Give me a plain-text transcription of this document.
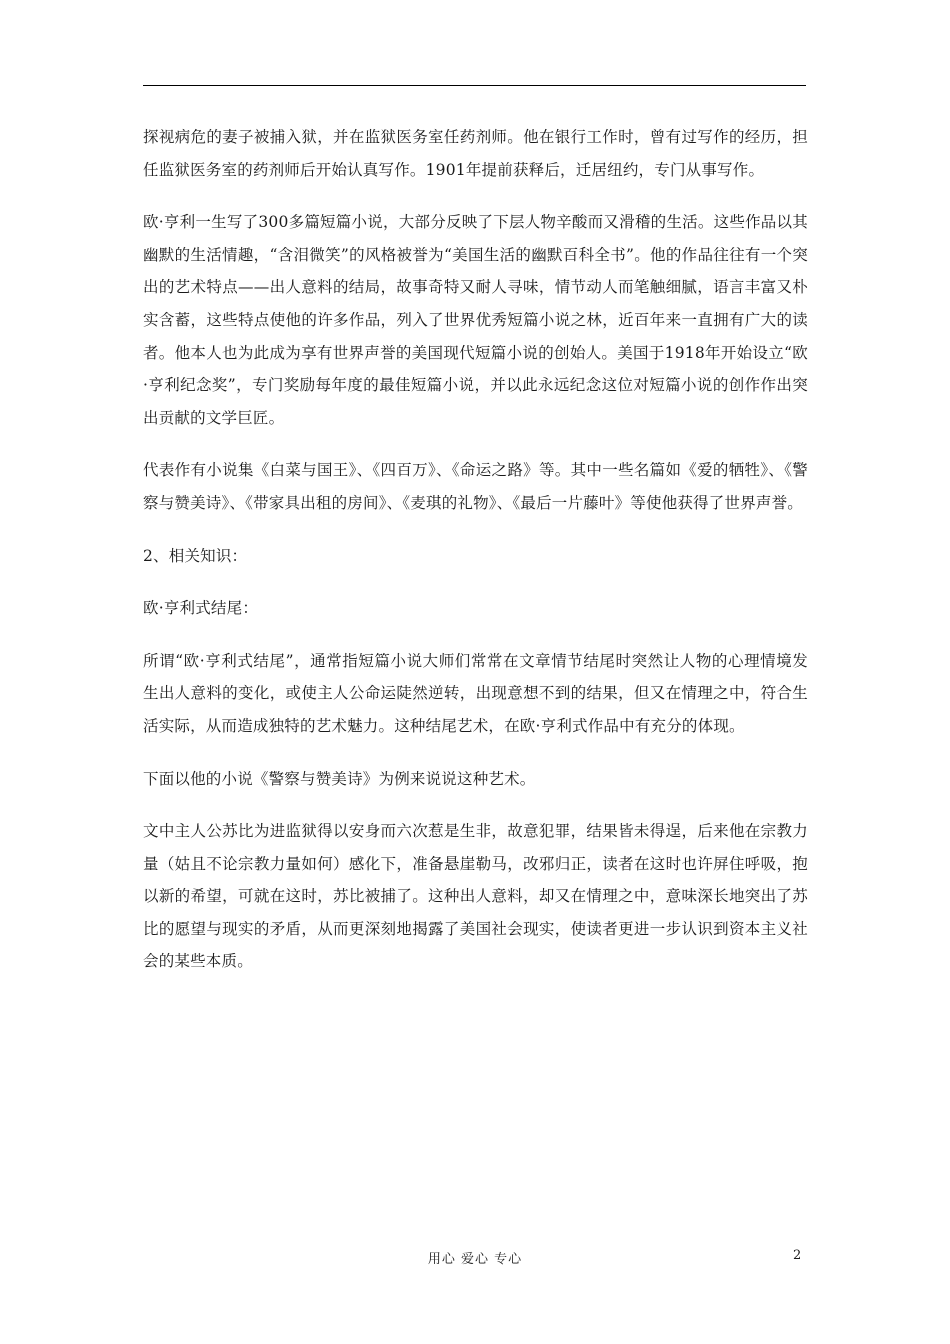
探视病危的妻子被捕入狱，并在监狱医务室任药剂师。他在银行工作时，曾有过写作的经历，担任监狱医务室的药剂师后开始认真写作。1901年提前获释后，迁居纽约，专门从事写作。

欧·亨利一生写了300多篇短篇小说，大部分反映了下层人物辛酸而又滑稽的生活。这些作品以其幽默的生活情趣，“含泪微笑”的风格被誉为“美国生活的幽默百科全书”。他的作品往往有一个突出的艺术特点——出人意料的结局，故事奇特又耐人寻味，情节动人而笔触细腻，语言丰富又朴实含蓄，这些特点使他的许多作品，列入了世界优秀短篇小说之林，近百年来一直拥有广大的读者。他本人也为此成为享有世界声誉的美国现代短篇小说的创始人。美国于1918年开始设立“欧·亨利纪念奖”，专门奖励每年度的最佳短篇小说，并以此永远纪念这位对短篇小说的创作作出突出贡献的文学巨匠。

代表作有小说集《白菜与国王》、《四百万》、《命运之路》等。其中一些名篇如《爱的牺牲》、《警察与赞美诗》、《带家具出租的房间》、《麦琪的礼物》、《最后一片藤叶》等使他获得了世界声誉。

2、相关知识：

欧·亨利式结尾：

所谓“欧·亨利式结尾”，通常指短篇小说大师们常常在文章情节结尾时突然让人物的心理情境发生出人意料的变化，或使主人公命运陡然逆转，出现意想不到的结果，但又在情理之中，符合生活实际，从而造成独特的艺术魅力。这种结尾艺术，在欧·亨利式作品中有充分的体现。

下面以他的小说《警察与赞美诗》为例来说说这种艺术。

文中主人公苏比为进监狱得以安身而六次惹是生非，故意犯罪，结果皆未得逞，后来他在宗教力量（姑且不论宗教力量如何）感化下，准备悬崖勒马，改邪归正，读者在这时也许屏住呼吸，抱以新的希望，可就在这时，苏比被捕了。这种出人意料，却又在情理之中，意味深长地突出了苏比的愿望与现实的矛盾，从而更深刻地揭露了美国社会现实，使读者更进一步认识到资本主义社会的某些本质。

用心 爱心 专心	2
